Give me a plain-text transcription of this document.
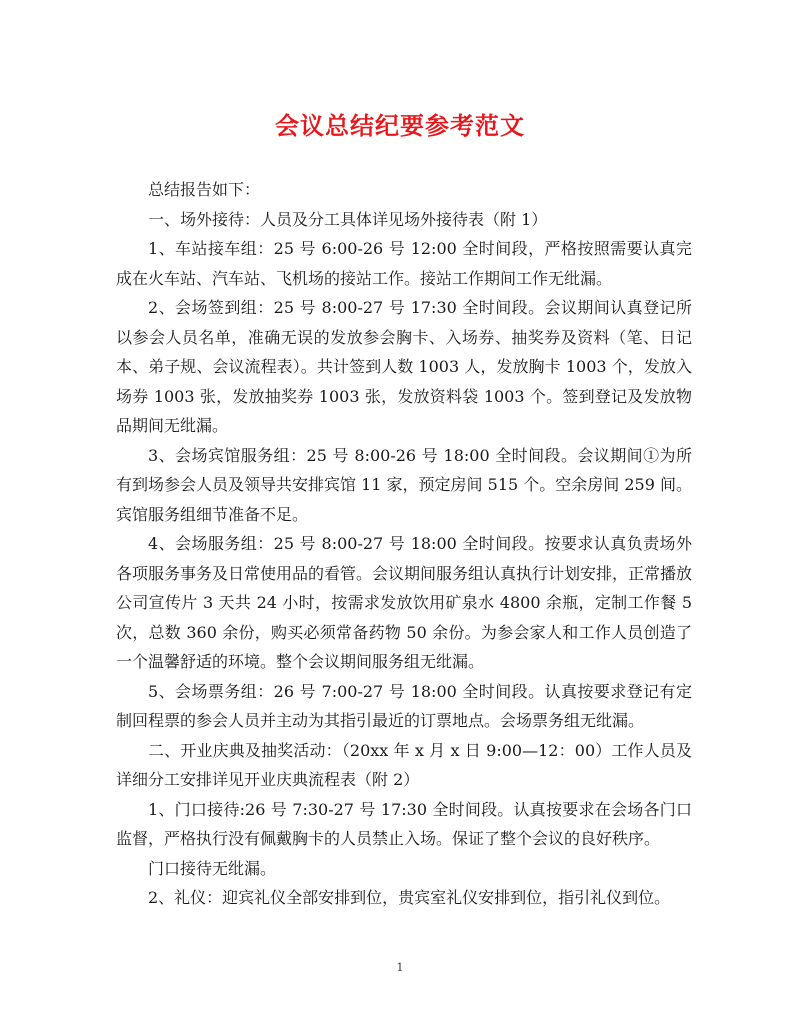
会议总结纪要参考范文

总结报告如下：

一、场外接待：人员及分工具体详见场外接待表（附 1）

1、车站接车组：25 号 6:00-26 号 12:00 全时间段，严格按照需要认真完成在火车站、汽车站、飞机场的接站工作。接站工作期间工作无纰漏。

2、会场签到组：25 号 8:00-27 号 17:30 全时间段。会议期间认真登记所以参会人员名单，准确无误的发放参会胸卡、入场券、抽奖券及资料（笔、日记本、弟子规、会议流程表）。共计签到人数 1003 人，发放胸卡 1003 个，发放入场券 1003 张，发放抽奖券 1003 张，发放资料袋 1003 个。签到登记及发放物品期间无纰漏。

3、会场宾馆服务组：25 号 8:00-26 号 18:00 全时间段。会议期间①为所有到场参会人员及领导共安排宾馆 11 家，预定房间 515 个。空余房间 259 间。宾馆服务组细节准备不足。

4、会场服务组：25 号 8:00-27 号 18:00 全时间段。按要求认真负责场外各项服务事务及日常使用品的看管。会议期间服务组认真执行计划安排，正常播放公司宣传片 3 天共 24 小时，按需求发放饮用矿泉水 4800 余瓶，定制工作餐 5 次，总数 360 余份，购买必须常备药物 50 余份。为参会家人和工作人员创造了一个温馨舒适的环境。整个会议期间服务组无纰漏。

5、会场票务组：26 号 7:00-27 号 18:00 全时间段。认真按要求登记有定制回程票的参会人员并主动为其指引最近的订票地点。会场票务组无纰漏。

二、开业庆典及抽奖活动：（20xx 年 x 月 x 日 9:00—12：00）工作人员及详细分工安排详见开业庆典流程表（附 2）

1、门口接待:26 号 7:30-27 号 17:30 全时间段。认真按要求在会场各门口监督，严格执行没有佩戴胸卡的人员禁止入场。保证了整个会议的良好秩序。

门口接待无纰漏。

2、礼仪：迎宾礼仪全部安排到位，贵宾室礼仪安排到位，指引礼仪到位。

1
